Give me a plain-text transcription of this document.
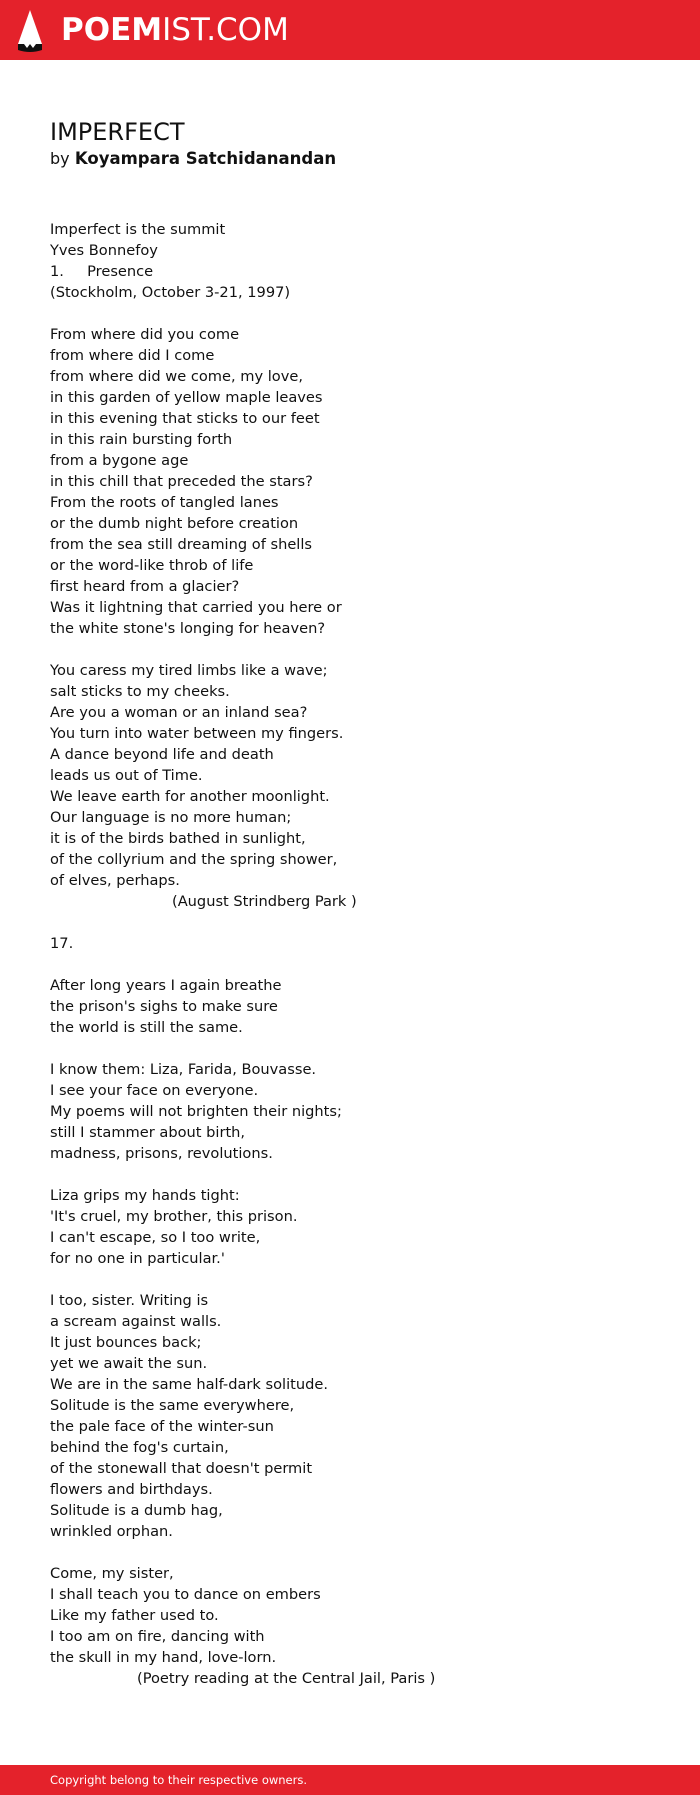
POEMIST.COM
IMPERFECT
by Koyampara Satchidanandan
Imperfect is the summit
Yves Bonnefoy
1.     Presence
(Stockholm, October 3-21, 1997)
From where did you come
from where did I come
from where did we come, my love,
in this garden of yellow maple leaves
in this evening that sticks to our feet
in this rain bursting forth
from a bygone age
in this chill that preceded the stars?
From the roots of tangled lanes
or the dumb night before creation
from the sea still dreaming of shells
or the word-like throb of life
first heard from a glacier?
Was it lightning that carried you here or
the white stone's longing for heaven?
You caress my tired limbs like a wave;
salt sticks to my cheeks.
Are you a woman or an inland sea?
You turn into water between my fingers.
A dance beyond life and death
leads us out of Time.
We leave earth for another moonlight.
Our language is no more human;
it is of the birds bathed in sunlight,
of the collyrium and the spring shower,
of elves, perhaps.
(August Strindberg Park )
17.
After long years I again breathe
the prison's sighs to make sure
the world is still the same.
I know them: Liza, Farida, Bouvasse.
I see your face on everyone.
My poems will not brighten their nights;
still I stammer about birth,
madness, prisons, revolutions.
Liza grips my hands tight:
'It's cruel, my brother, this prison.
I can't escape, so I too write,
for no one in particular.'
I too, sister. Writing is
a scream against walls.
It just bounces back;
yet we await the sun.
We are in the same half-dark solitude.
Solitude is the same everywhere,
the pale face of the winter-sun
behind the fog's curtain,
of the stonewall that doesn't permit
flowers and birthdays.
Solitude is a dumb hag,
wrinkled orphan.
Come, my sister,
I shall teach you to dance on embers
Like my father used to.
I too am on fire, dancing with
the skull in my hand, love-lorn.
(Poetry reading at the Central Jail, Paris )
Copyright belong to their respective owners.
